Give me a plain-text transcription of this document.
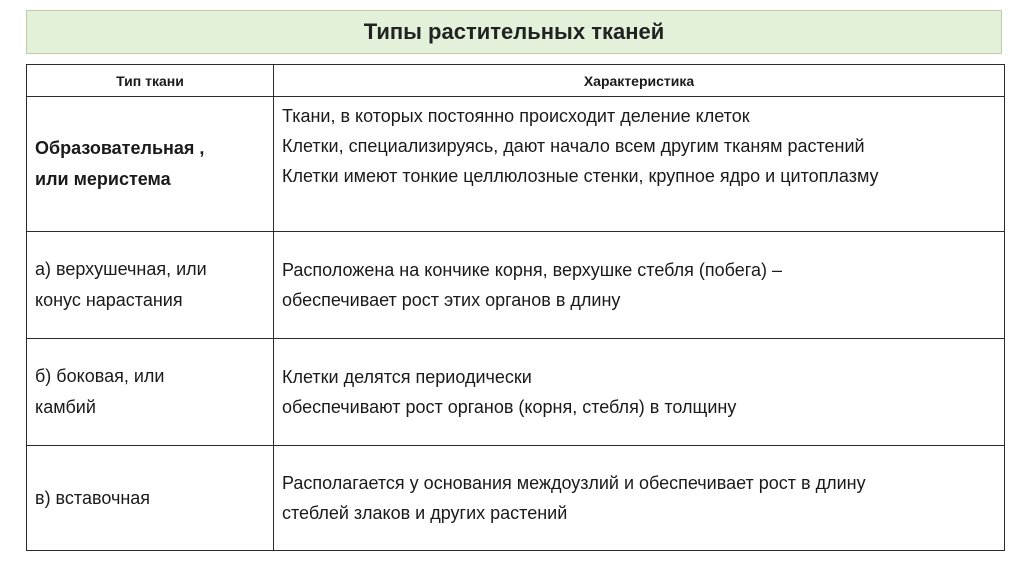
Типы растительных тканей
Тип ткани	Характеристика

Образовательная ,
или меристема	Ткани, в которых постоянно происходит деление клеток
Клетки, специализируясь, дают начало всем другим тканям растений
Клетки имеют тонкие целлюлозные стенки, крупное ядро и цитоплазму

а) верхушечная, или
конус нарастания	Расположена на кончике корня, верхушке стебля (побега) –
обеспечивает рост этих органов в длину

б) боковая, или
камбий	Клетки делятся периодически
обеспечивают рост органов (корня, стебля) в толщину

в) вставочная	Располагается у основания междоузлий и обеспечивает рост в длину
стеблей злаков и других растений
